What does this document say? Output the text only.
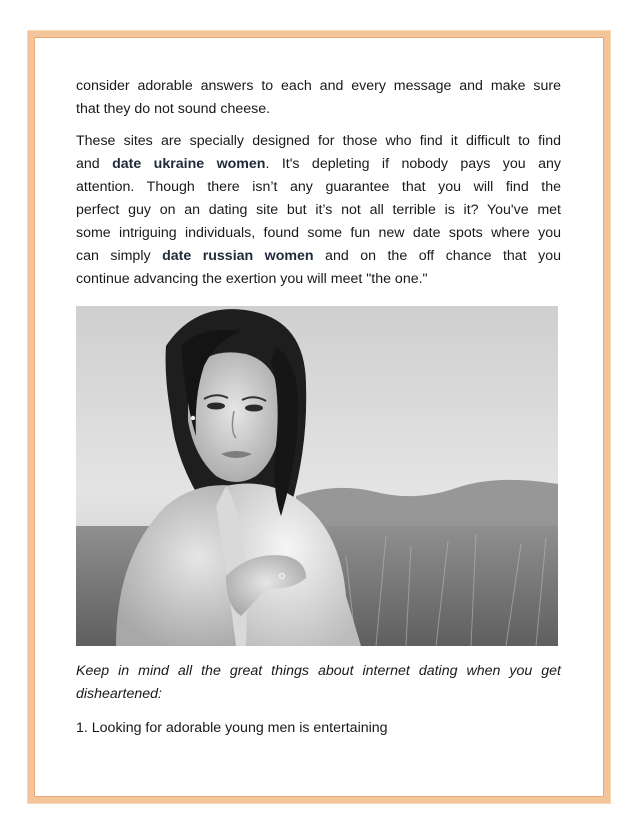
consider adorable answers to each and every message and make sure
that they do not sound cheese.
These sites are specially designed for those who find it difficult to find
and date ukraine women. It's depleting if nobody pays you any
attention. Though there isn’t any guarantee that you will find the
perfect guy on an dating site but it’s not all terrible is it? You've met
some intriguing individuals, found some fun new date spots where you
can simply date russian women and on the off chance that you
continue advancing the exertion you will meet "the one."
Keep in mind all the great things about internet dating when you get
disheartened:
1. Looking for adorable young men is entertaining
